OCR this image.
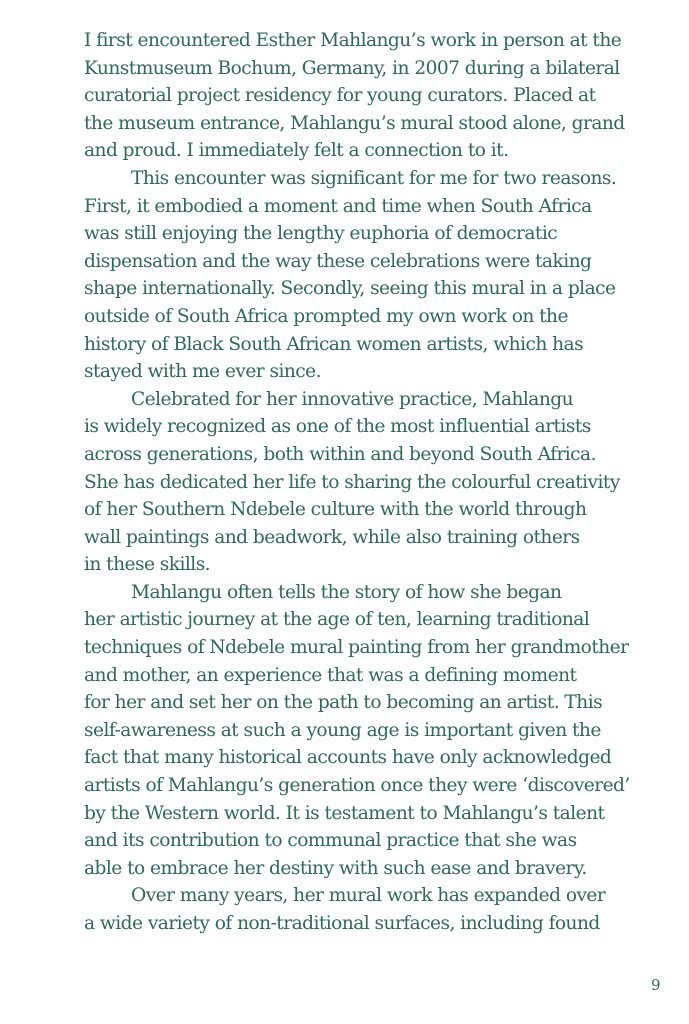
I first encountered Esther Mahlangu’s work in person at the
Kunstmuseum Bochum, Germany, in 2007 during a bilateral
curatorial project residency for young curators. Placed at
the museum entrance, Mahlangu’s mural stood alone, grand
and proud. I immediately felt a connection to it.

This encounter was significant for me for two reasons.
First, it embodied a moment and time when South Africa
was still enjoying the lengthy euphoria of democratic
dispensation and the way these celebrations were taking
shape internationally. Secondly, seeing this mural in a place
outside of South Africa prompted my own work on the
history of Black South African women artists, which has
stayed with me ever since.

Celebrated for her innovative practice, Mahlangu
is widely recognized as one of the most influential artists
across generations, both within and beyond South Africa.
She has dedicated her life to sharing the colourful creativity
of her Southern Ndebele culture with the world through
wall paintings and beadwork, while also training others
in these skills.

Mahlangu often tells the story of how she began
her artistic journey at the age of ten, learning traditional
techniques of Ndebele mural painting from her grandmother
and mother, an experience that was a defining moment
for her and set her on the path to becoming an artist. This
self-awareness at such a young age is important given the
fact that many historical accounts have only acknowledged
artists of Mahlangu’s generation once they were ‘discovered’
by the Western world. It is testament to Mahlangu’s talent
and its contribution to communal practice that she was
able to embrace her destiny with such ease and bravery.

Over many years, her mural work has expanded over
a wide variety of non-traditional surfaces, including found

9
